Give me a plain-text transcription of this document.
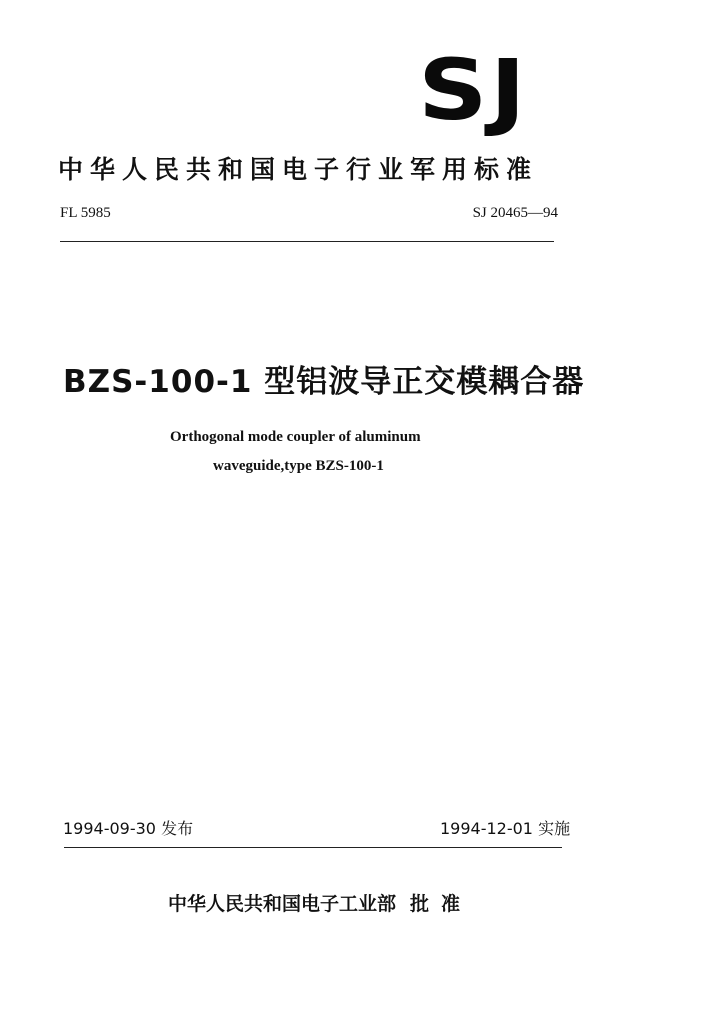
SJ
中华人民共和国电子行业军用标准
FL 5985	SJ 20465—94
BZS-100-1 型铝波导正交模耦合器
Orthogonal mode coupler of aluminum
waveguide,type BZS-100-1
1994-09-30 发布	1994-12-01 实施
中华人民共和国电子工业部 批准
